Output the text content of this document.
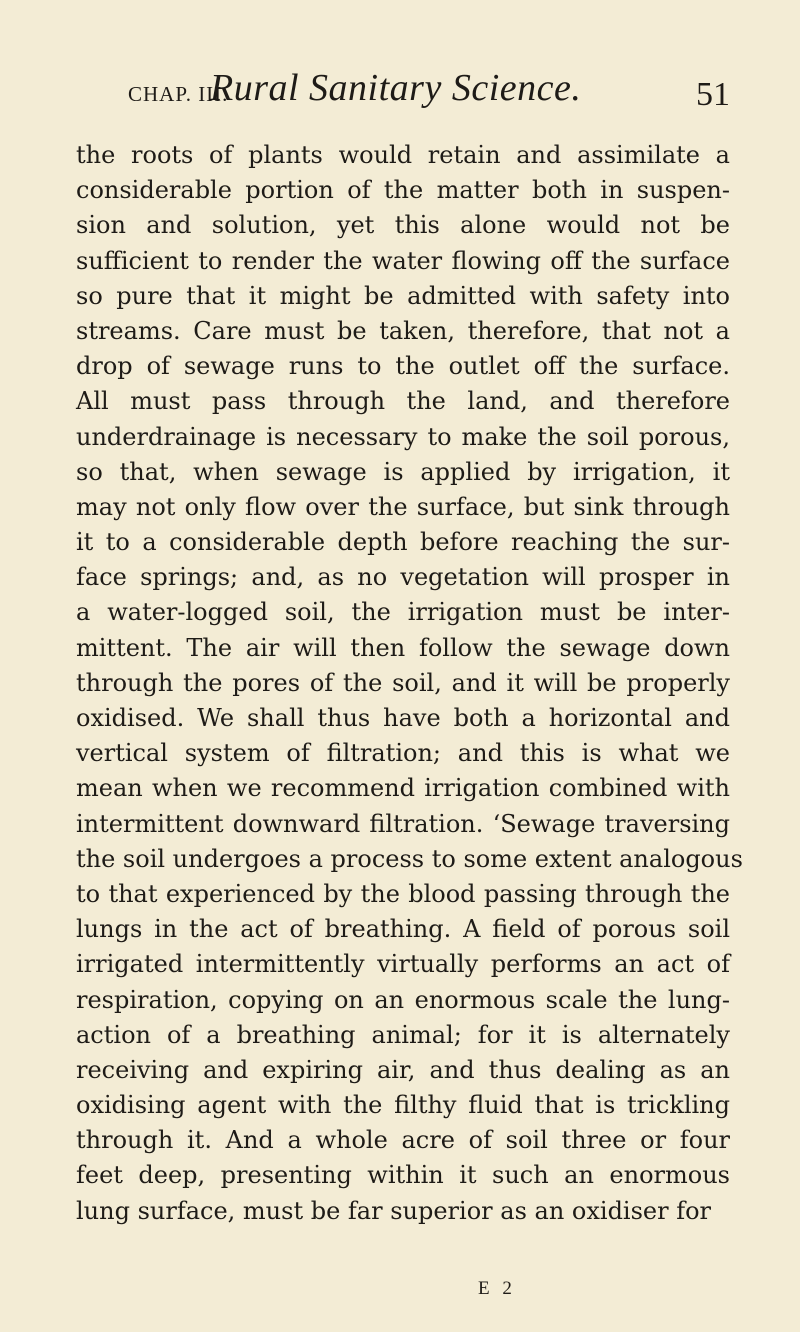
CHAP. III.
Rural Sanitary Science.	51
the roots of plants would retain and assimilate a
considerable portion of the matter both in suspen-
sion and solution, yet this alone would not be
sufficient to render the water flowing off the surface
so pure that it might be admitted with safety into
streams. Care must be taken, therefore, that not a
drop of sewage runs to the outlet off the surface.
All must pass through the land, and therefore
underdrainage is necessary to make the soil porous,
so that, when sewage is applied by irrigation, it
may not only flow over the surface, but sink through
it to a considerable depth before reaching the sur-
face springs; and, as no vegetation will prosper in
a water-logged soil, the irrigation must be inter-
mittent. The air will then follow the sewage down
through the pores of the soil, and it will be properly
oxidised. We shall thus have both a horizontal and
vertical system of filtration; and this is what we
mean when we recommend irrigation combined with
intermittent downward filtration. ‘Sewage traversing
the soil undergoes a process to some extent analogous
to that experienced by the blood passing through the
lungs in the act of breathing. A field of porous soil
irrigated intermittently virtually performs an act of
respiration, copying on an enormous scale the lung-
action of a breathing animal; for it is alternately
receiving and expiring air, and thus dealing as an
oxidising agent with the filthy fluid that is trickling
through it. And a whole acre of soil three or four
feet deep, presenting within it such an enormous
lung surface, must be far superior as an oxidiser for
E 2
